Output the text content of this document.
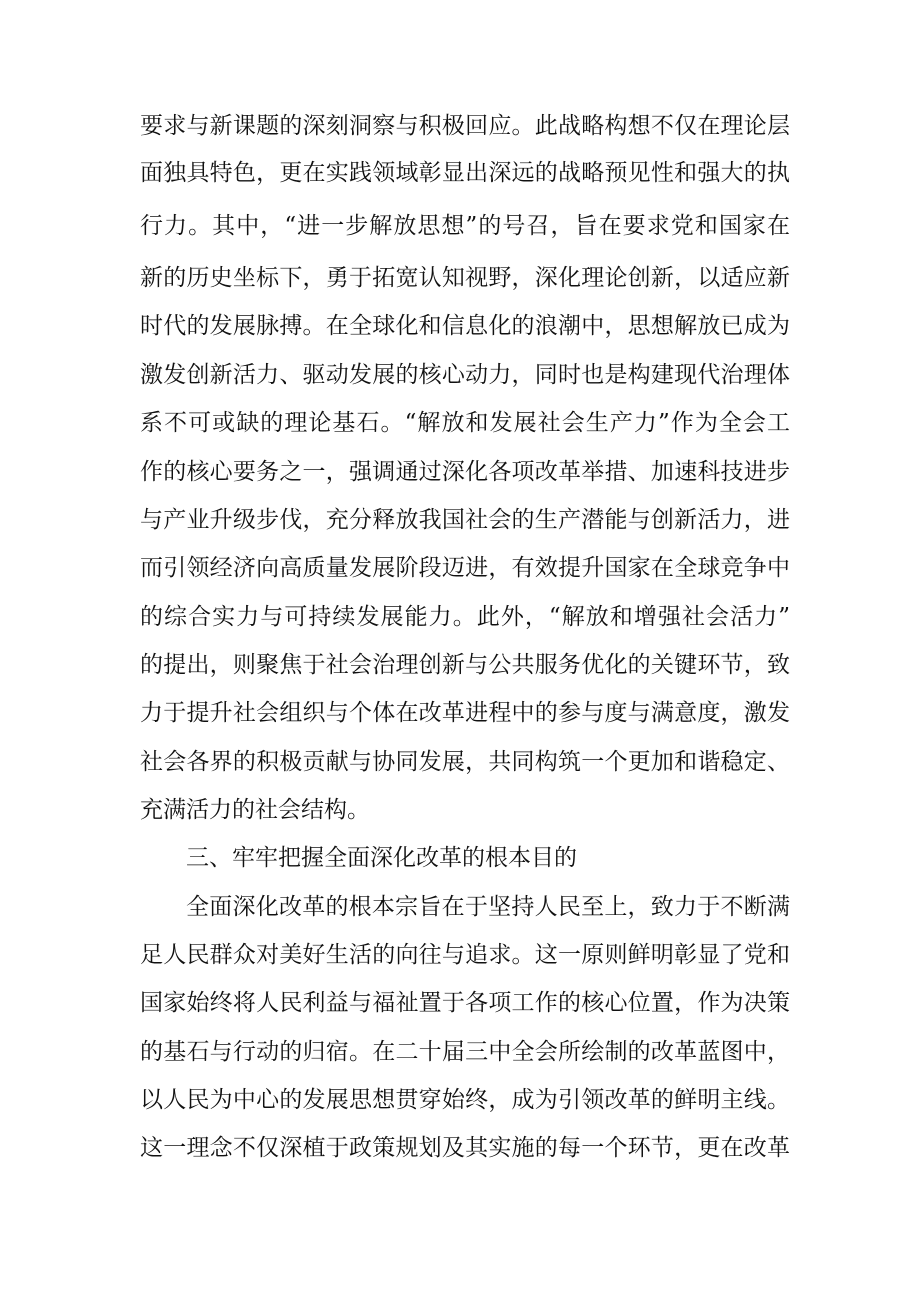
要求与新课题的深刻洞察与积极回应。此战略构想不仅在理论层
面独具特色，更在实践领域彰显出深远的战略预见性和强大的执
行力。其中，“进一步解放思想”的号召，旨在要求党和国家在
新的历史坐标下，勇于拓宽认知视野，深化理论创新，以适应新
时代的发展脉搏。在全球化和信息化的浪潮中，思想解放已成为
激发创新活力、驱动发展的核心动力，同时也是构建现代治理体
系不可或缺的理论基石。“解放和发展社会生产力”作为全会工
作的核心要务之一，强调通过深化各项改革举措、加速科技进步
与产业升级步伐，充分释放我国社会的生产潜能与创新活力，进
而引领经济向高质量发展阶段迈进，有效提升国家在全球竞争中
的综合实力与可持续发展能力。此外，“解放和增强社会活力”
的提出，则聚焦于社会治理创新与公共服务优化的关键环节，致
力于提升社会组织与个体在改革进程中的参与度与满意度，激发
社会各界的积极贡献与协同发展，共同构筑一个更加和谐稳定、
充满活力的社会结构。
三、牢牢把握全面深化改革的根本目的
全面深化改革的根本宗旨在于坚持人民至上，致力于不断满
足人民群众对美好生活的向往与追求。这一原则鲜明彰显了党和
国家始终将人民利益与福祉置于各项工作的核心位置，作为决策
的基石与行动的归宿。在二十届三中全会所绘制的改革蓝图中，
以人民为中心的发展思想贯穿始终，成为引领改革的鲜明主线。
这一理念不仅深植于政策规划及其实施的每一个环节，更在改革
